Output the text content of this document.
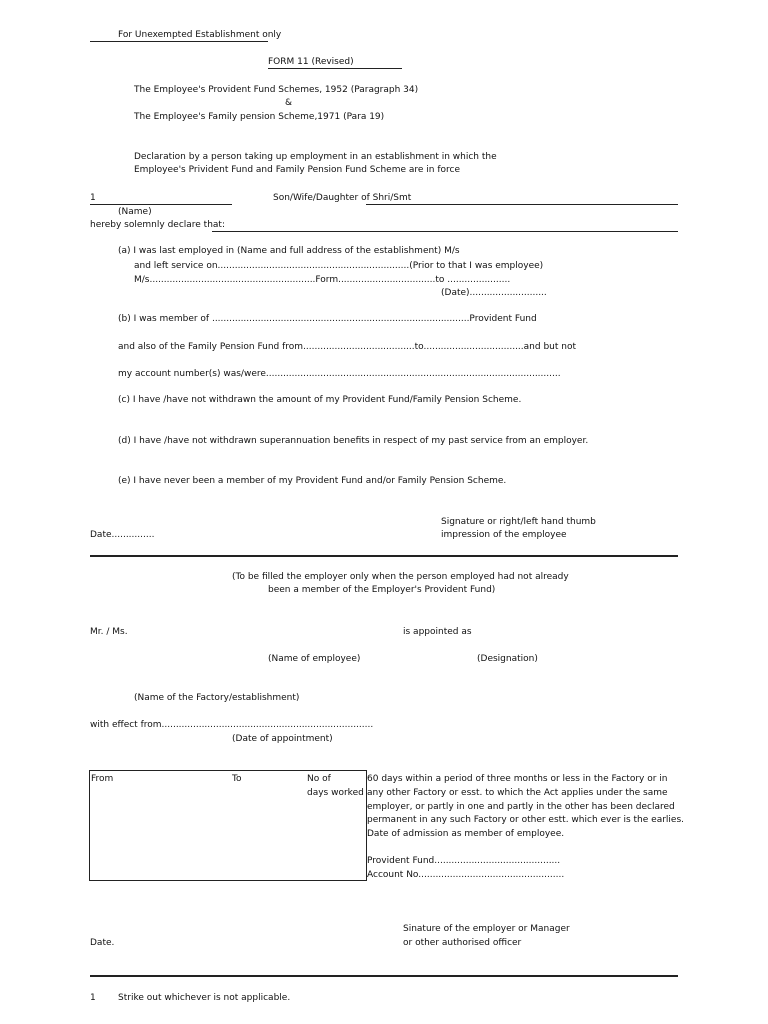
For Unexempted Establishment only
FORM 11 (Revised)
The Employee's Provident Fund Schemes, 1952 (Paragraph 34)
&
The Employee's Family pension Scheme,1971 (Para 19)
Declaration by a person taking up employment in an establishment in which the
Employee's Privident Fund and Family Pension Fund Scheme are in force
1	Son/Wife/Daughter of Shri/Smt
(Name)
hereby solemnly declare that:
(a) I was last employed in (Name and full address of the establishment) M/s
and left service on...................................................................(Prior to that I was employee)
M/s..........................................................Form..................................to ......................
(Date)...........................
(b) I was member of ..........................................................................................Provident Fund
and also of the Family Pension Fund from.......................................to...................................and but not
my account number(s) was/were.......................................................................................................
(c) I have /have not withdrawn the amount of my Provident Fund/Family Pension Scheme.
(d) I have /have not withdrawn superannuation benefits in respect of my past service from an employer.
(e) I have never been a member of my Provident Fund and/or Family Pension Scheme.
Signature or right/left hand thumb
impression of the employee
Date...............
(To be filled the employer only when the person employed had not already
been a member of the Employer's Provident Fund)
Mr. / Ms.	is appointed as
(Name of employee)	(Designation)
(Name of the Factory/establishment)
with effect from..........................................................................
(Date of appointment)
From	To	No of
days worked
60 days within a period of three months or less in the Factory or in
any other Factory or esst. to which the Act applies under the same
employer, or partly in one and partly in the other has been declared
permanent in any such Factory or other estt. which ever is the earlies.
Date of admission as member of employee.
Provident Fund............................................
Account No...................................................
Sinature of the employer or Manager
or other authorised officer
Date.
1 Strike out whichever is not applicable.
